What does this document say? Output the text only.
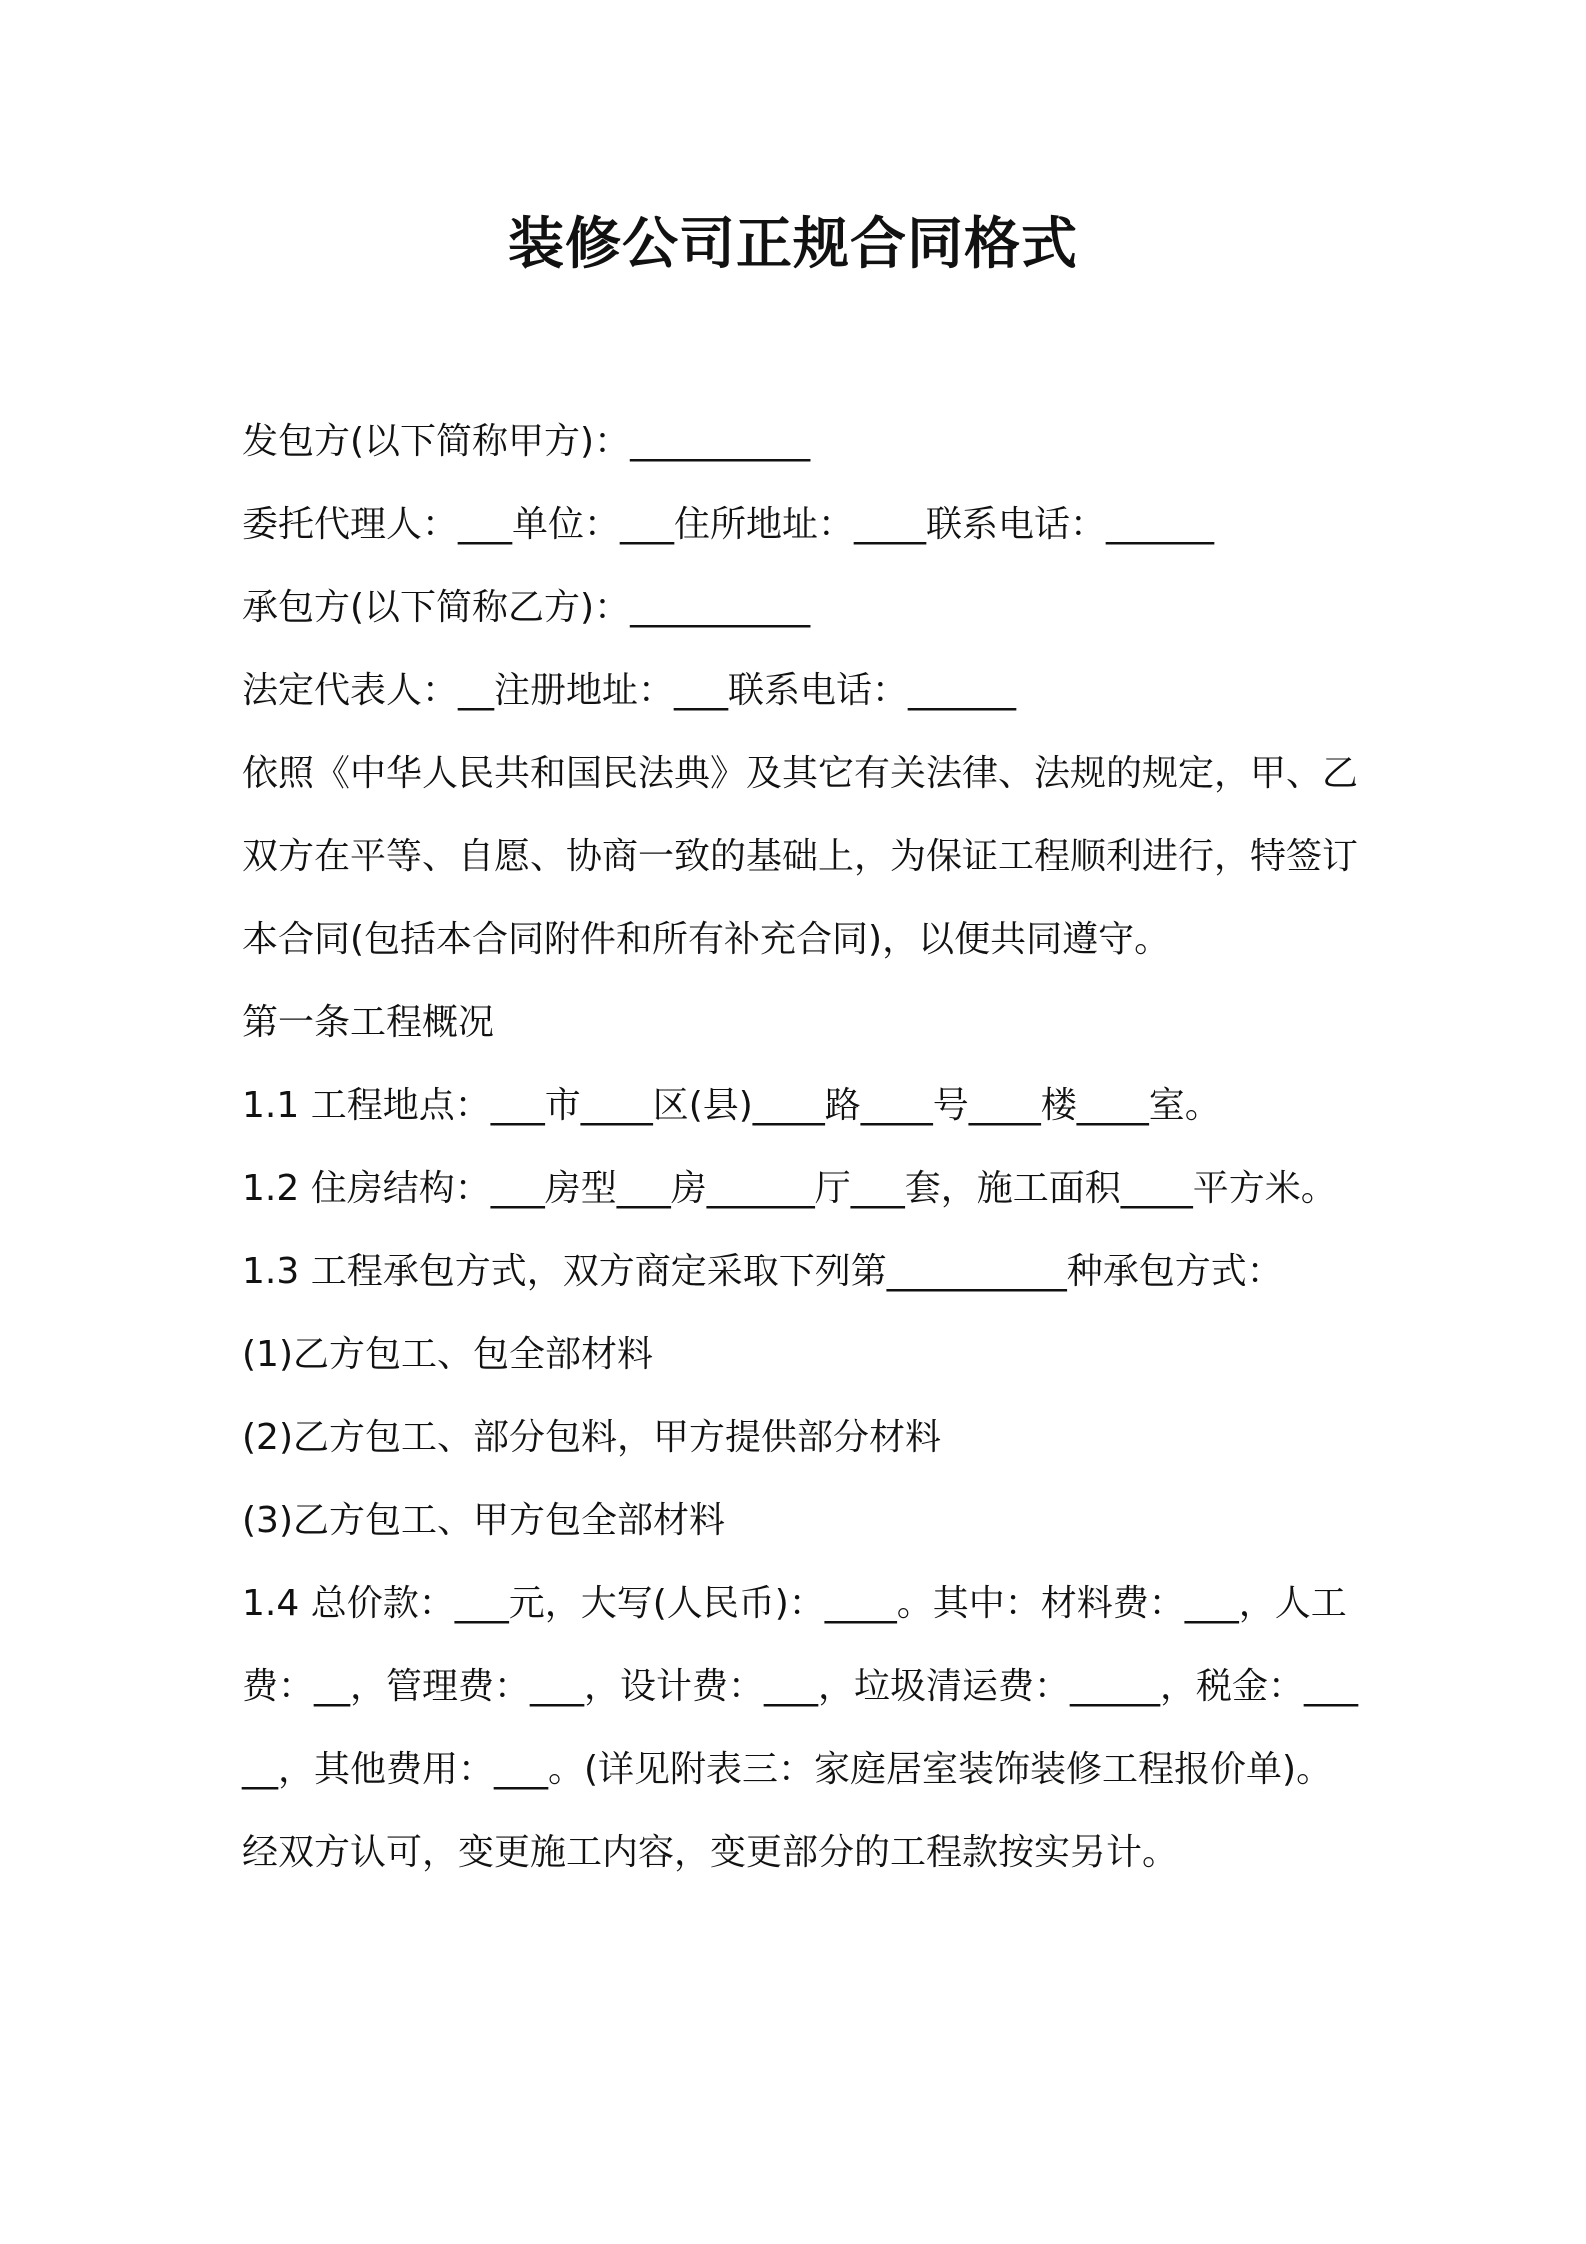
装修公司正规合同格式

发包方(以下简称甲方)：__________

委托代理人：___单位：___住所地址：____联系电话：______

承包方(以下简称乙方)：__________

法定代表人：__注册地址：___联系电话：______

依照《中华人民共和国民法典》及其它有关法律、法规的规定，甲、乙双方在平等、自愿、协商一致的基础上，为保证工程顺利进行，特签订本合同(包括本合同附件和所有补充合同)，以便共同遵守。

第一条工程概况

1.1 工程地点：___市____区(县)____路____号____楼____室。

1.2 住房结构：___房型___房______厅___套，施工面积____平方米。

1.3 工程承包方式，双方商定采取下列第__________种承包方式：

(1)乙方包工、包全部材料

(2)乙方包工、部分包料，甲方提供部分材料

(3)乙方包工、甲方包全部材料

1.4 总价款：___元，大写(人民币)：____。其中：材料费：___，人工费：__，管理费：___，设计费：___，垃圾清运费：_____，税金：_____，其他费用：___。(详见附表三：家庭居室装饰装修工程报价单)。经双方认可，变更施工内容，变更部分的工程款按实另计。
